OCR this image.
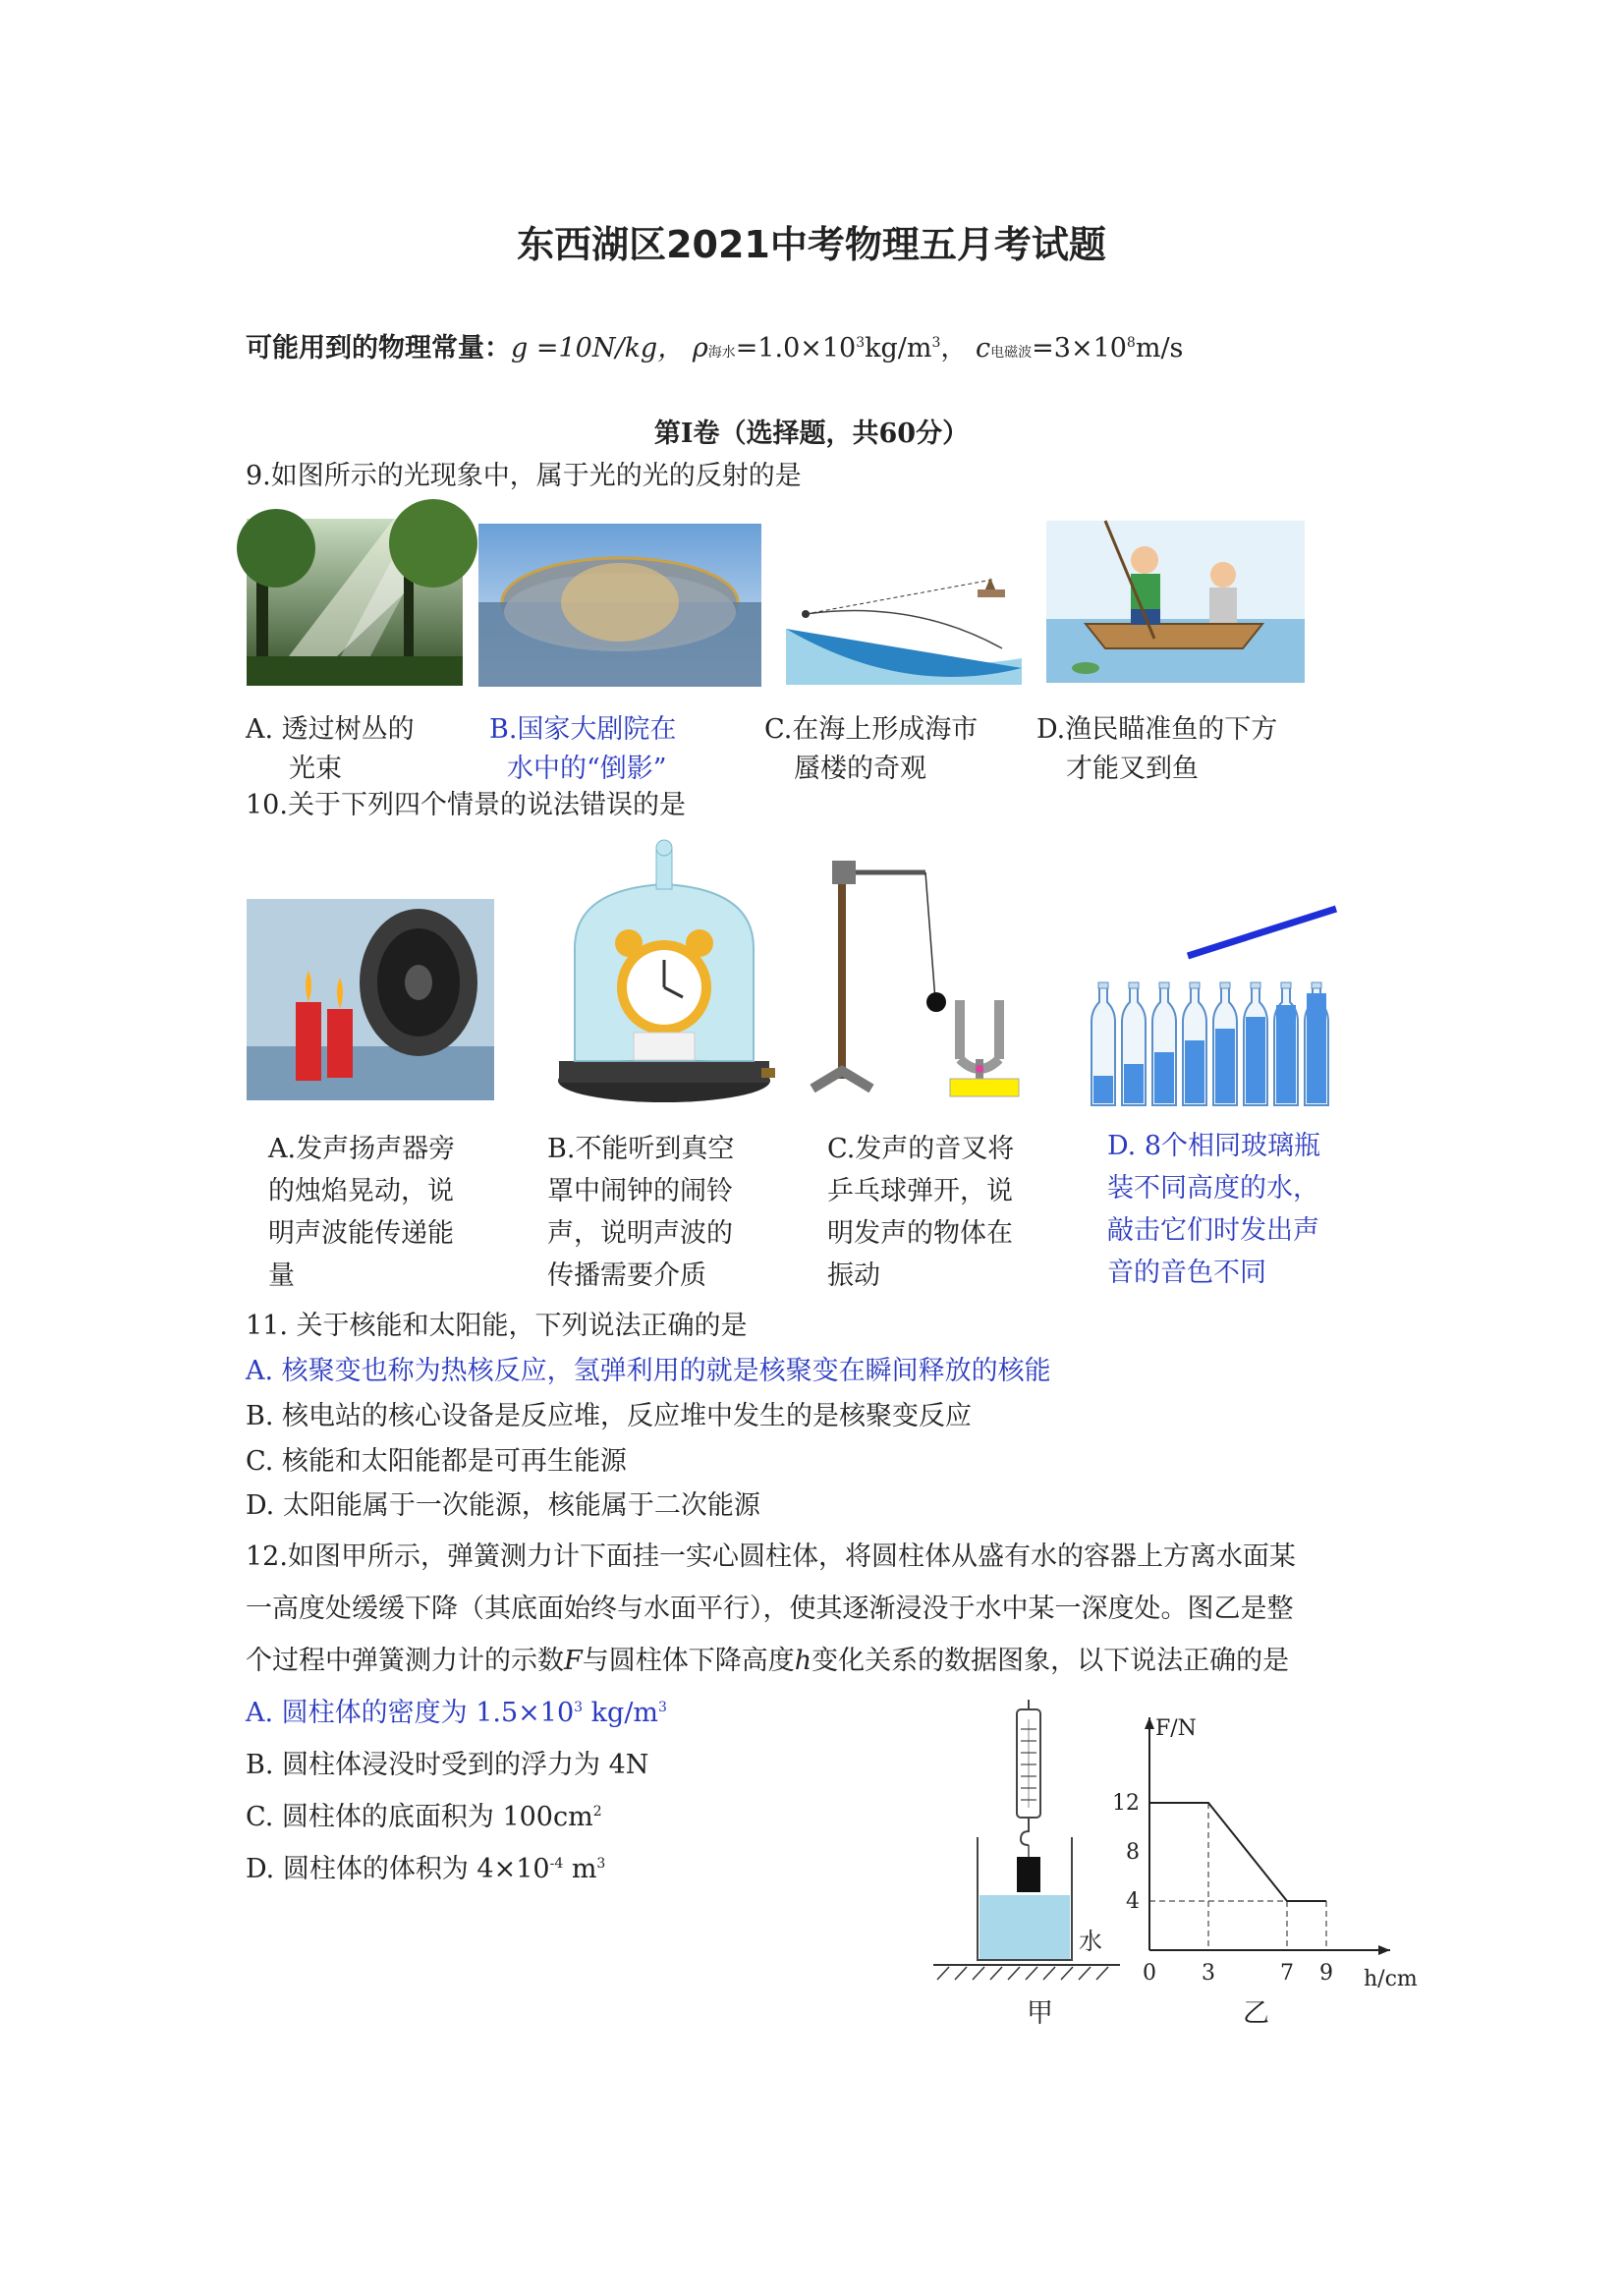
东西湖区2021中考物理五月考试题
可能用到的物理常量：g =10N/kg， ρ海水$=1.0\times 10^3kg/m^3$， c电磁波$=3\times 10^8m/s$
第Ⅰ卷（选择题，共60分）
9.如图所示的光现象中，属于光的光的反射的是
A. 透过树丛的
光束
B.国家大剧院在
水中的“倒影”
C.在海上形成海市
蜃楼的奇观
D.渔民瞄准鱼的下方
才能叉到鱼
10.关于下列四个情景的说法错误的是
A.发声扬声器旁
的烛焰晃动，说
明声波能传递能
量
B.不能听到真空
罩中闹钟的闹铃
声，说明声波的
传播需要介质
C.发声的音叉将
乒乓球弹开，说
明发声的物体在
振动
D. 8个相同玻璃瓶
装不同高度的水，
敲击它们时发出声
音的音色不同
11. 关于核能和太阳能，下列说法正确的是
A. 核聚变也称为热核反应，氢弹利用的就是核聚变在瞬间释放的核能
B. 核电站的核心设备是反应堆，反应堆中发生的是核聚变反应
C. 核能和太阳能都是可再生能源
D. 太阳能属于一次能源，核能属于二次能源
12.如图甲所示，弹簧测力计下面挂一实心圆柱体，将圆柱体从盛有水的容器上方离水面某
一高度处缓缓下降（其底面始终与水面平行），使其逐渐浸没于水中某一深度处。图乙是整
个过程中弹簧测力计的示数F与圆柱体下降高度h变化关系的数据图象，以下说法正确的是
A. 圆柱体的密度为 $1.5\times 10^3$ $kg/m^3$
B. 圆柱体浸没时受到的浮力为 4N
C. 圆柱体的底面积为 $100cm^2$
D. 圆柱体的体积为 $4\times 10^{-4}$ $m^3$
水
甲
F/N
h/cm
4
8
12
0 3	7 9
乙
